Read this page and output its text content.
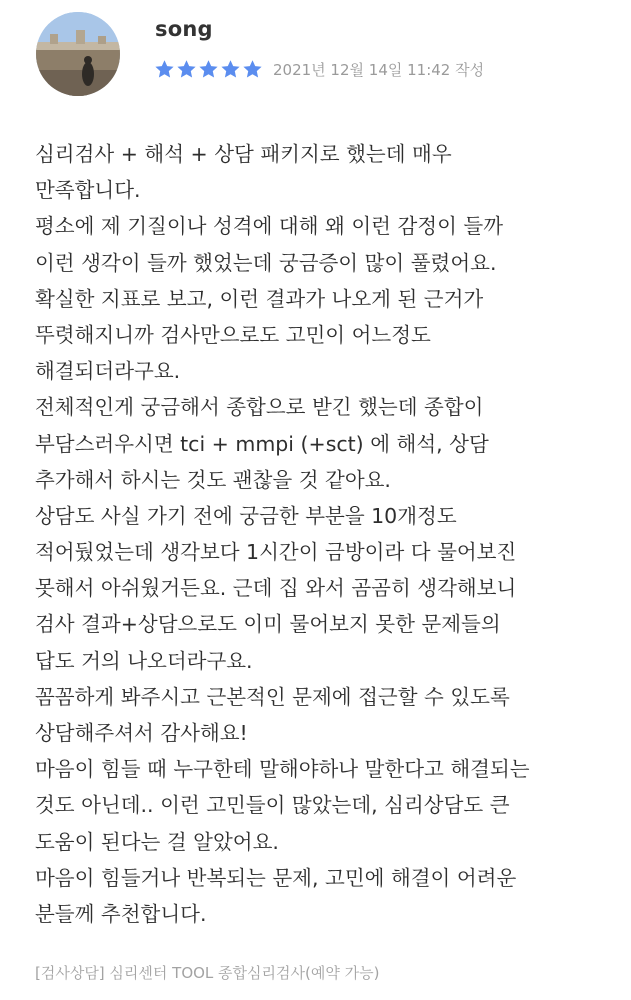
song
2021년 12월 14일 11:42 작성
심리검사 + 해석 + 상담 패키지로 했는데 매우
만족합니다.
평소에 제 기질이나 성격에 대해 왜 이런 감정이 들까
이런 생각이 들까 했었는데 궁금증이 많이 풀렸어요.
확실한 지표로 보고, 이런 결과가 나오게 된 근거가
뚜렷해지니까 검사만으로도 고민이 어느정도
해결되더라구요.
전체적인게 궁금해서 종합으로 받긴 했는데 종합이
부담스러우시면 tci + mmpi (+sct) 에 해석, 상담
추가해서 하시는 것도 괜찮을 것 같아요.
상담도 사실 가기 전에 궁금한 부분을 10개정도
적어뒀었는데 생각보다 1시간이 금방이라 다 물어보진
못해서 아쉬웠거든요. 근데 집 와서 곰곰히 생각해보니
검사 결과+상담으로도 이미 물어보지 못한 문제들의
답도 거의 나오더라구요.
꼼꼼하게 봐주시고 근본적인 문제에 접근할 수 있도록
상담해주셔서 감사해요!
마음이 힘들 때 누구한테 말해야하나 말한다고 해결되는
것도 아닌데.. 이런 고민들이 많았는데, 심리상담도 큰
도움이 된다는 걸 알았어요.
마음이 힘들거나 반복되는 문제, 고민에 해결이 어려운
분들께 추천합니다.
[검사상담] 심리센터 TOOL 종합심리검사(예약 가능)
